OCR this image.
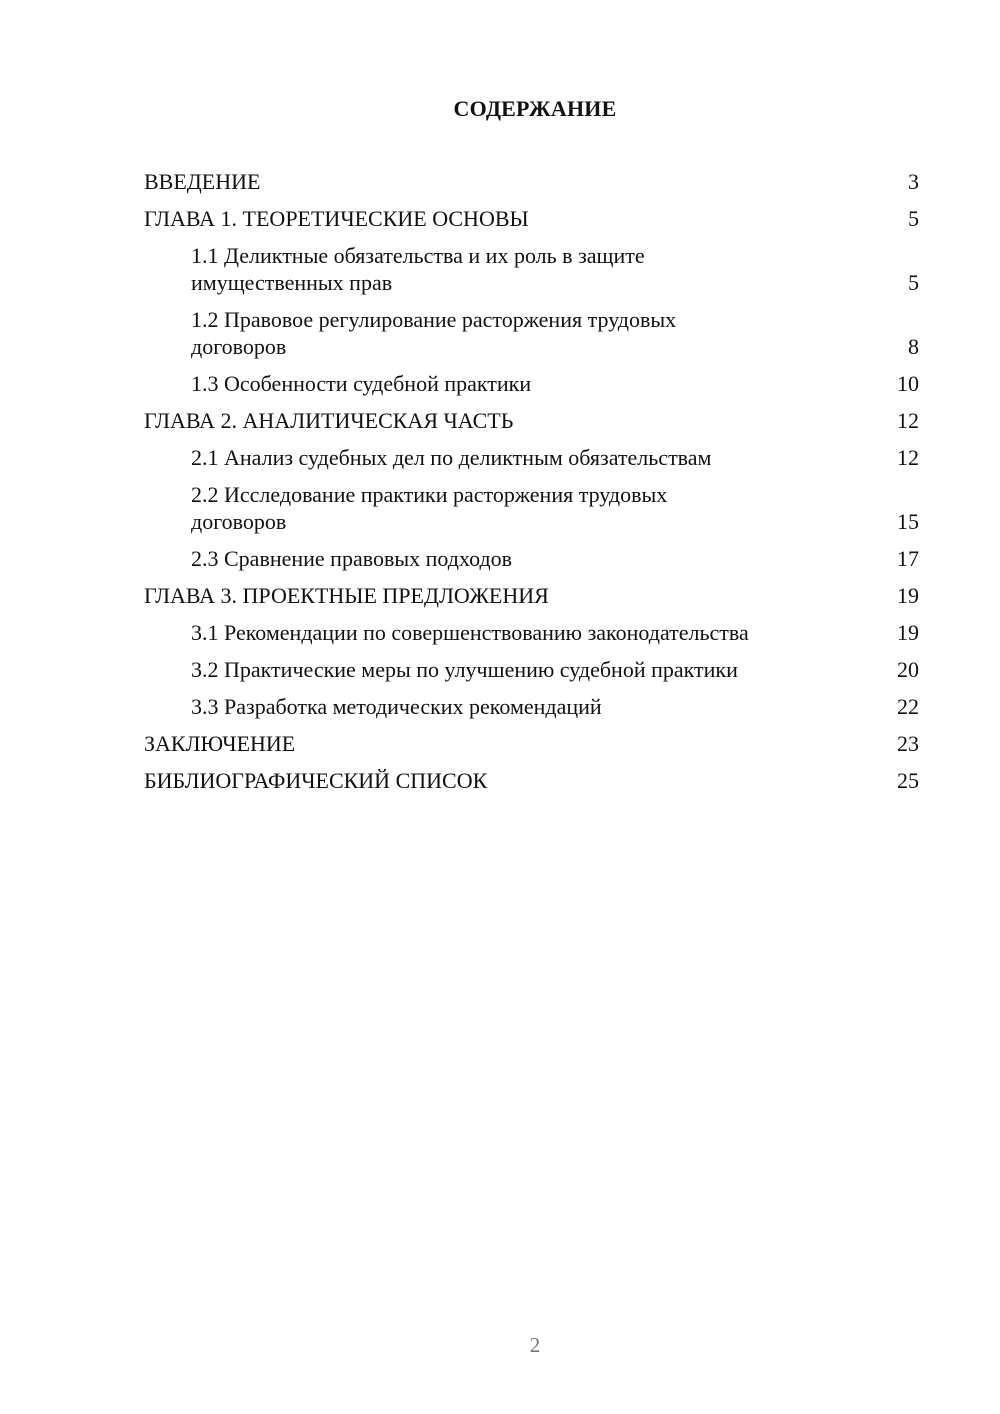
СОДЕРЖАНИЕ
ВВЕДЕНИЕ	3
ГЛАВА 1. ТЕОРЕТИЧЕСКИЕ ОСНОВЫ	5
1.1 Деликтные обязательства и их роль в защите имущественных прав	5
1.2 Правовое регулирование расторжения трудовых договоров	8
1.3 Особенности судебной практики	10
ГЛАВА 2. АНАЛИТИЧЕСКАЯ ЧАСТЬ	12
2.1 Анализ судебных дел по деликтным обязательствам	12
2.2 Исследование практики расторжения трудовых договоров	15
2.3 Сравнение правовых подходов	17
ГЛАВА 3. ПРОЕКТНЫЕ ПРЕДЛОЖЕНИЯ	19
3.1 Рекомендации по совершенствованию законодательства	19
3.2 Практические меры по улучшению судебной практики	20
3.3 Разработка методических рекомендаций	22
ЗАКЛЮЧЕНИЕ	23
БИБЛИОГРАФИЧЕСКИЙ СПИСОК	25
2
